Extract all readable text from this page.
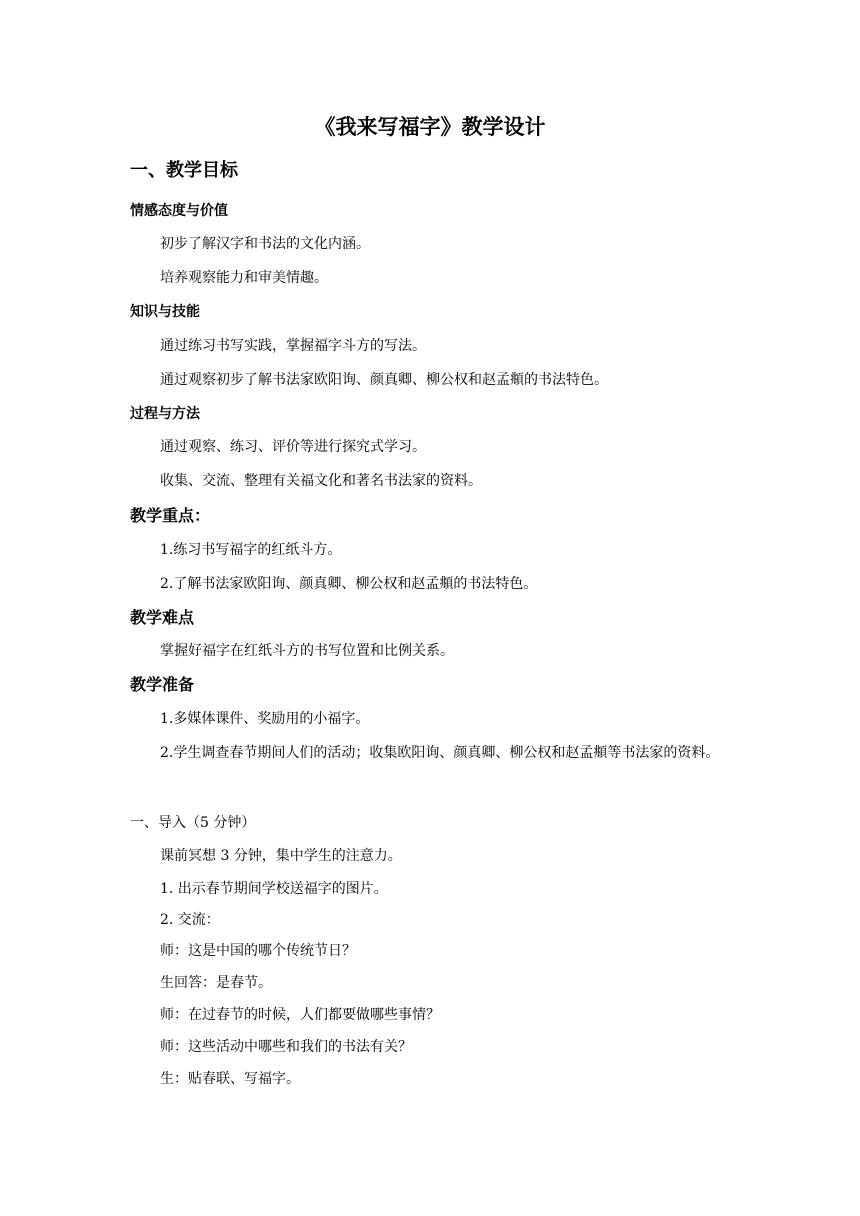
《我来写福字》教学设计
一、教学目标
情感态度与价值
初步了解汉字和书法的文化内涵。
培养观察能力和审美情趣。
知识与技能
通过练习书写实践，掌握福字斗方的写法。
通过观察初步了解书法家欧阳询、颜真卿、柳公权和赵孟頫的书法特色。
过程与方法
通过观察、练习、评价等进行探究式学习。
收集、交流、整理有关福文化和著名书法家的资料。
教学重点：
1.练习书写福字的红纸斗方。
2.了解书法家欧阳询、颜真卿、柳公权和赵孟頫的书法特色。
教学难点
掌握好福字在红纸斗方的书写位置和比例关系。
教学准备
1.多媒体课件、奖励用的小福字。
2.学生调查春节期间人们的活动；收集欧阳询、颜真卿、柳公权和赵孟頫等书法家的资料。
一、导入（5 分钟）
课前冥想 3 分钟，集中学生的注意力。
1. 出示春节期间学校送福字的图片。
2. 交流：
师：这是中国的哪个传统节日？
生回答：是春节。
师：在过春节的时候，人们都要做哪些事情？
师：这些活动中哪些和我们的书法有关？
生：贴春联、写福字。
